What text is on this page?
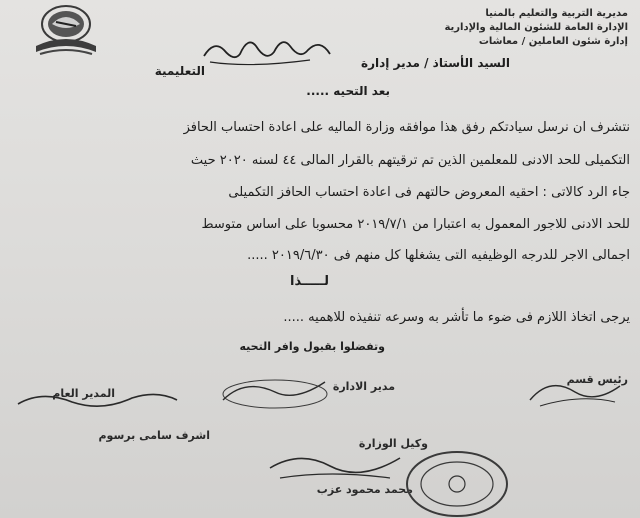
مديرية التربية والتعليم بالمنيا
الإدارة العامة للشئون المالية والإدارية
إدارة شئون العاملين / معاشات
السيد الأستاذ / مدير إدارة
التعليمية
بعد التحيه .....
نتشرف ان نرسل سيادتكم رفق هذا موافقه وزارة الماليه على اعادة احتساب الحافز
التكميلى للحد الادنى للمعلمين الذين تم ترقيتهم بالقرار المالى ٤٤ لسنه ٢٠٢٠ حيث
جاء الرد كالاتى : احقيه المعروض حالتهم فى اعادة احتساب الحافز التكميلى
للحد الادنى للاجور المعمول به اعتبارا من ٢٠١٩/٧/١ محسوبا على اساس متوسط
اجمالى الاجر للدرجه الوظيفيه التى يشغلها كل منهم فى ٢٠١٩/٦/٣٠ .....
لـــــذا
يرجى اتخاذ اللازم فى ضوء ما تأشر به وسرعه تنفيذه للاهميه .....
وتفضلوا بقبول وافر التحيه
رئيس قسم
مدير الادارة
المدير العام
اشرف سامى برسوم
وكيل الوزارة
محمد محمود عزب
